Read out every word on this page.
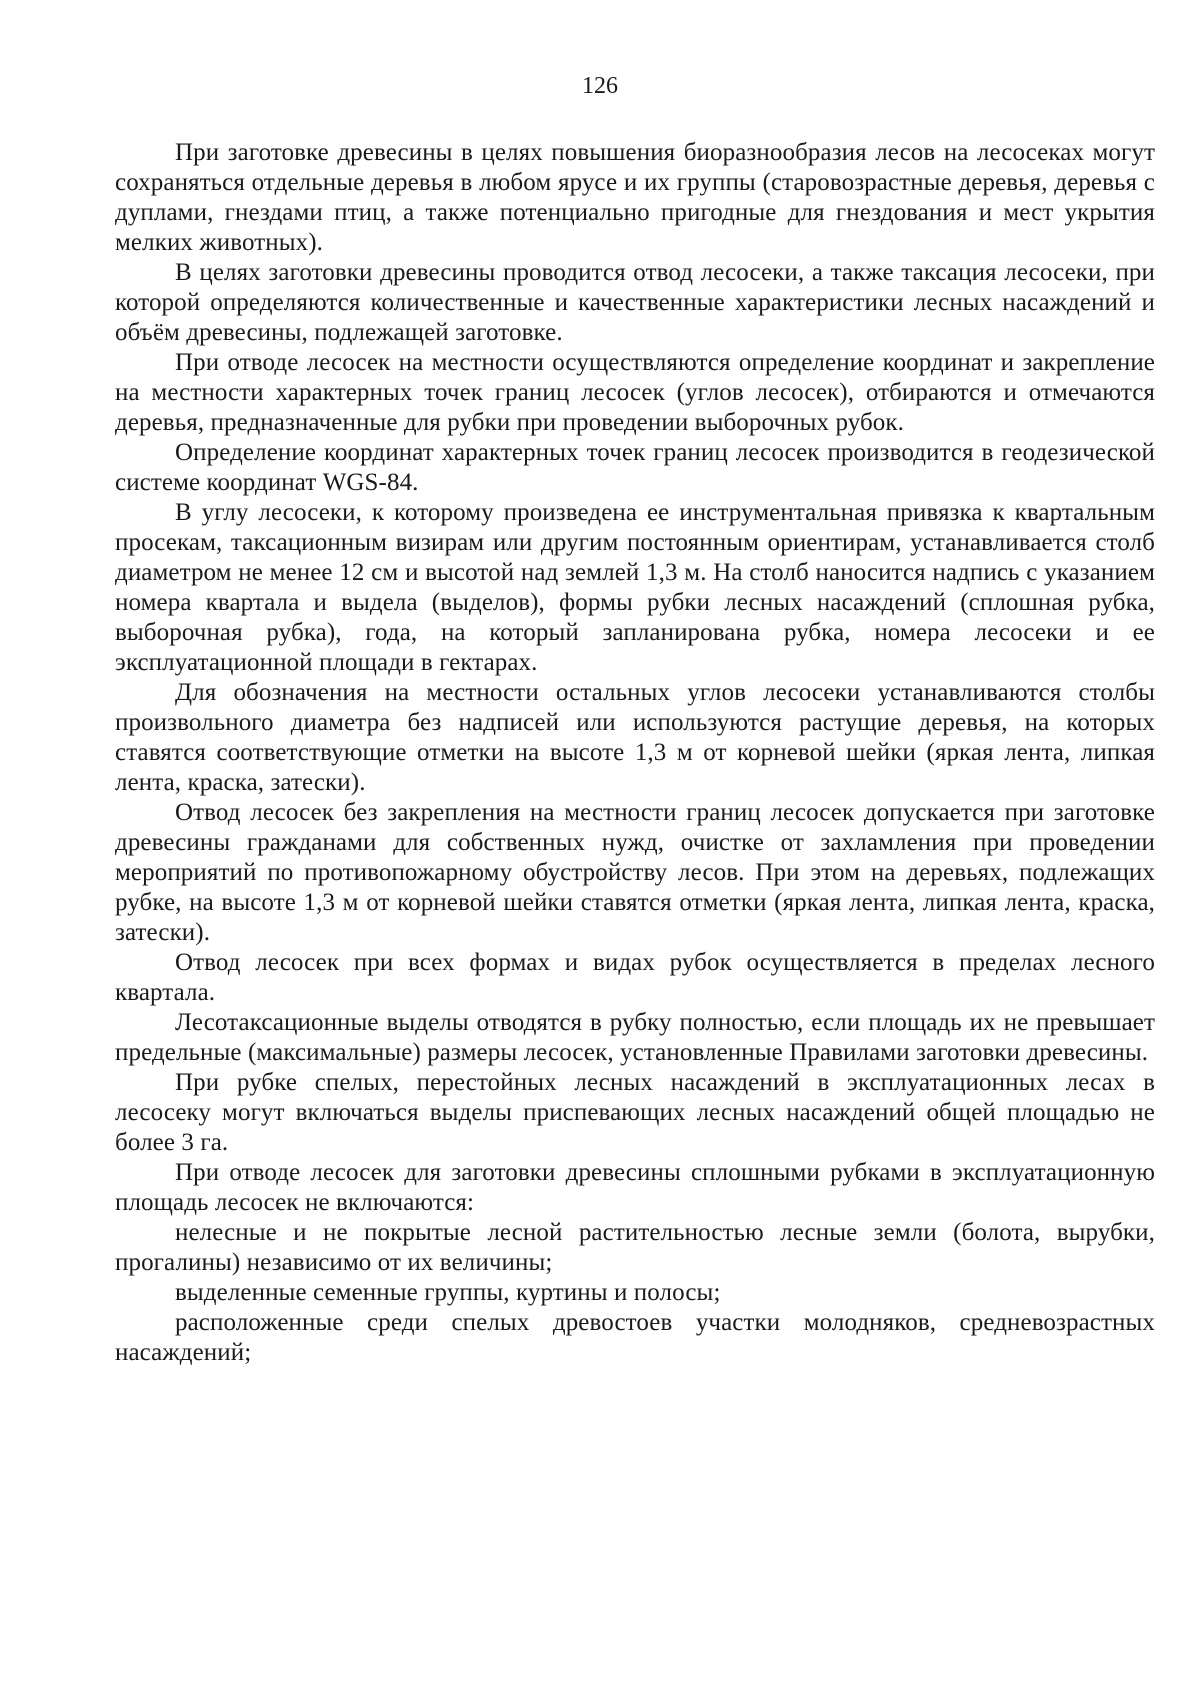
126

При заготовке древесины в целях повышения биоразнообразия лесов на лесосеках могут сохраняться отдельные деревья в любом ярусе и их группы (старовозрастные деревья, деревья с дуплами, гнездами птиц, а также потенциально пригодные для гнездования и мест укрытия мелких животных).

В целях заготовки древесины проводится отвод лесосеки, а также таксация лесосеки, при которой определяются количественные и качественные характеристики лесных насаждений и объём древесины, подлежащей заготовке.

При отводе лесосек на местности осуществляются определение координат и закрепление на местности характерных точек границ лесосек (углов лесосек), отбираются и отмечаются деревья, предназначенные для рубки при проведении выборочных рубок.

Определение координат характерных точек границ лесосек производится в геодезической системе координат WGS-84.

В углу лесосеки, к которому произведена ее инструментальная привязка к квартальным просекам, таксационным визирам или другим постоянным ориентирам, устанавливается столб диаметром не менее 12 см и высотой над землей 1,3 м. На столб наносится надпись с указанием номера квартала и выдела (выделов), формы рубки лесных насаждений (сплошная рубка, выборочная рубка), года, на который запланирована рубка, номера лесосеки и ее эксплуатационной площади в гектарах.

Для обозначения на местности остальных углов лесосеки устанавливаются столбы произвольного диаметра без надписей или используются растущие деревья, на которых ставятся соответствующие отметки на высоте 1,3 м от корневой шейки (яркая лента, липкая лента, краска, затески).

Отвод лесосек без закрепления на местности границ лесосек допускается при заготовке древесины гражданами для собственных нужд, очистке от захламления при проведении мероприятий по противопожарному обустройству лесов. При этом на деревьях, подлежащих рубке, на высоте 1,3 м от корневой шейки ставятся отметки (яркая лента, липкая лента, краска, затески).

Отвод лесосек при всех формах и видах рубок осуществляется в пределах лесного квартала.

Лесотаксационные выделы отводятся в рубку полностью, если площадь их не превышает предельные (максимальные) размеры лесосек, установленные Правилами заготовки древесины.

При рубке спелых, перестойных лесных насаждений в эксплуатационных лесах в лесосеку могут включаться выделы приспевающих лесных насаждений общей площадью не более 3 га.

При отводе лесосек для заготовки древесины сплошными рубками в эксплуатационную площадь лесосек не включаются:

нелесные и не покрытые лесной растительностью лесные земли (болота, вырубки, прогалины) независимо от их величины;

выделенные семенные группы, куртины и полосы;

расположенные среди спелых древостоев участки молодняков, средневозрастных насаждений;
